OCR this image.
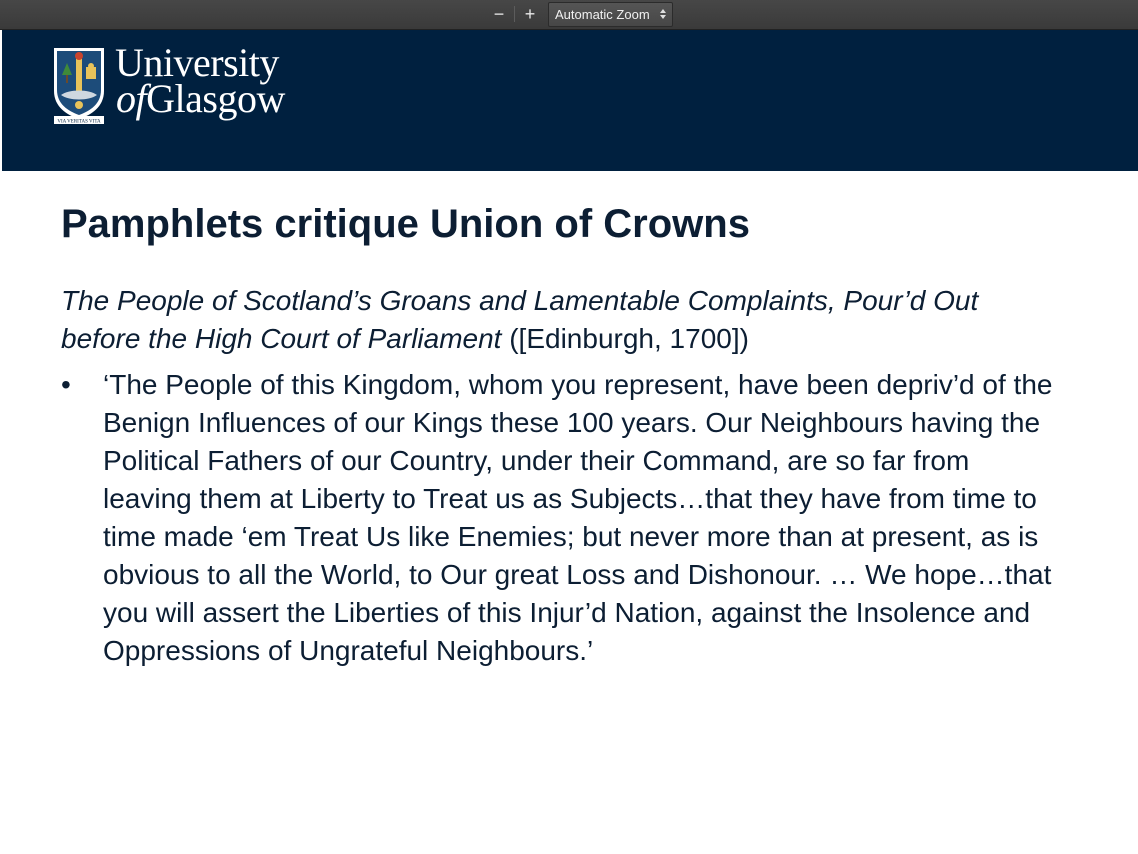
−	+	Automatic Zoom
VIA VERITAS VITA
University
ofGlasgow
Pamphlets critique Union of Crowns

The People of Scotland’s Groans and Lamentable Complaints, Pour’d Out before the High Court of Parliament ([Edinburgh, 1700])

• ‘The People of this Kingdom, whom you represent, have been depriv’d of the Benign Influences of our Kings these 100 years. Our Neighbours having the Political Fathers of our Country, under their Command, are so far from leaving them at Liberty to Treat us as Subjects…that they have from time to time made ‘em Treat Us like Enemies; but never more than at present, as is obvious to all the World, to Our great Loss and Dishonour. … We hope…that you will assert the Liberties of this Injur’d Nation, against the Insolence and Oppressions of Ungrateful Neighbours.’
